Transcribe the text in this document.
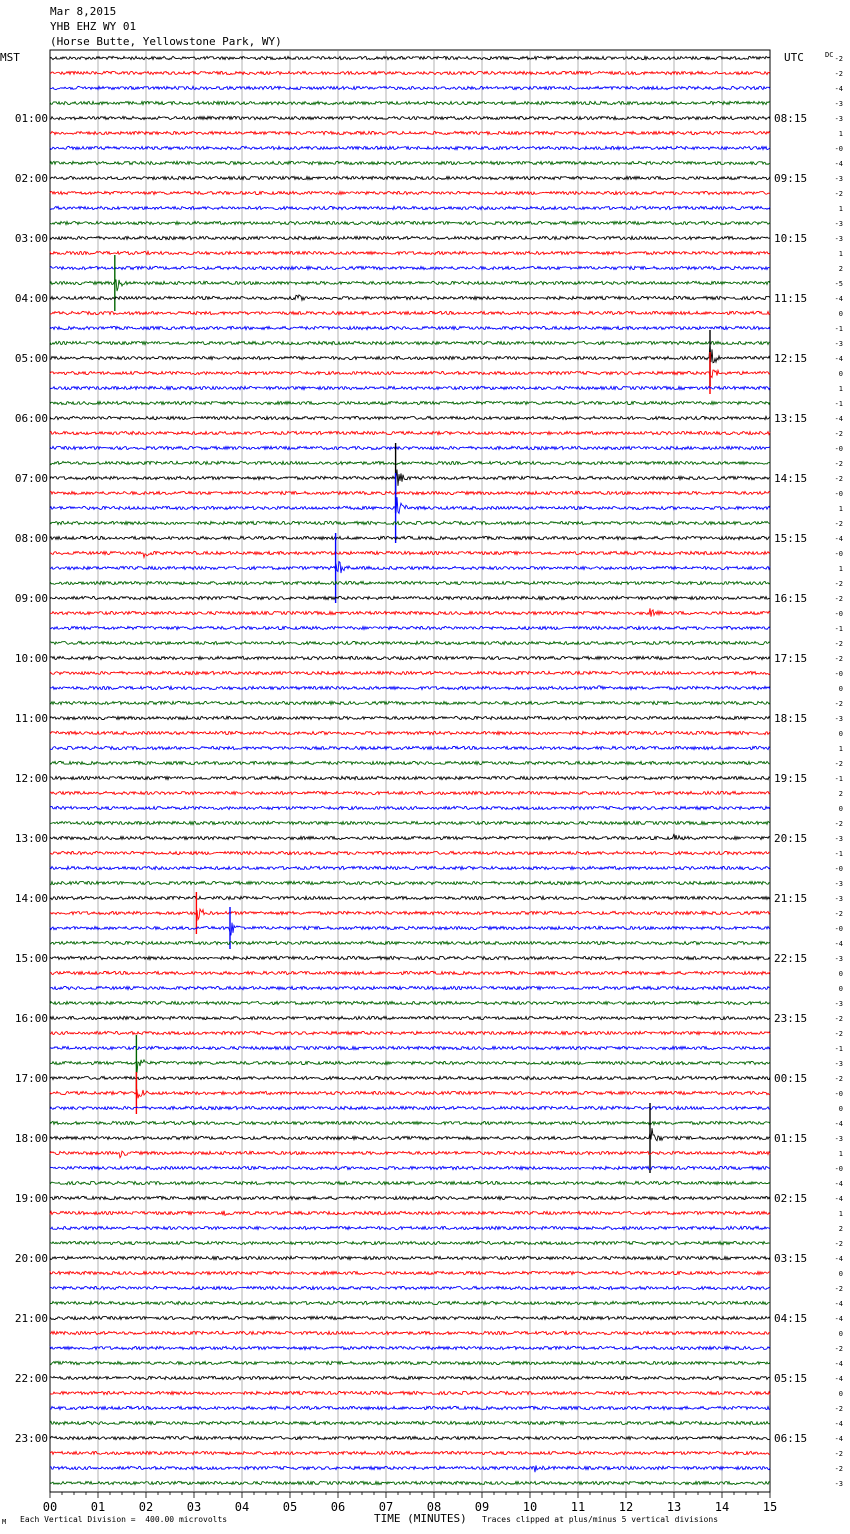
Mar 8,2015
YHB EHZ WY 01
(Horse Butte, Yellowstone Park, WY)
00	01	02	03	04	05	06	07	08	09	10	11	12	13	14	15
-2
-2
-4
-3
-3
1
-0
-4
-3
-2
1
-3
-3
1
2
-5
-4
0
-1
-3
-4
0
1
-1
-4
-2
-0
-2
-2
-0
1
-2
-4
-0
1
-2
-2
-0
-1
-2
-2
-0
0
-2
-3
0
1
-2
-1
2
0
-2
-3
-1
-0
-3
-3
-2
-0
-4
-3
0
0
-3
-2
-2
-1
-3
-2
-0
0
-4
-3
1
-0
-4
-4
1
2
-2
-4
0
-2
-4
-4
0
-2
-4
-4
0
-2
-4
-4
-2
-2
-3
MST	UTC	DC
01:00
02:00
03:00
04:00
05:00
06:00
07:00
08:00
09:00
10:00
11:00
12:00
13:00
14:00
15:00
16:00
17:00
18:00
19:00
20:00
21:00
22:00
23:00
08:15
09:15
10:15
11:15
12:15
13:15
14:15
15:15
16:15
17:15
18:15
19:15
20:15
21:15
22:15
23:15
00:15
01:15
02:15
03:15
04:15
05:15
06:15
M Each Vertical Division =  400.00 microvolts	TIME (MINUTES) Traces clipped at plus/minus 5 vertical divisions
